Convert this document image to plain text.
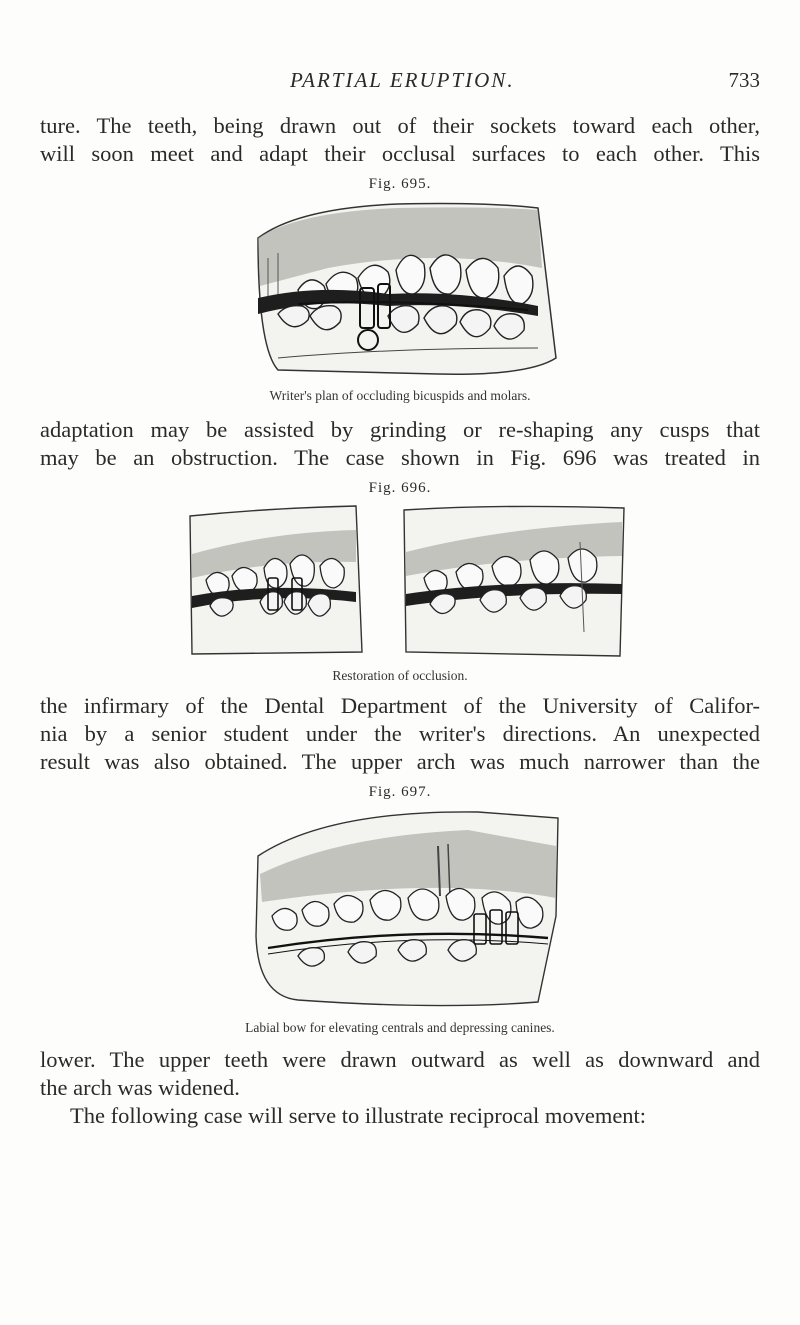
PARTIAL ERUPTION.	733

ture. The teeth, being drawn out of their sockets toward each other,
will soon meet and adapt their occlusal surfaces to each other. This

Fig. 695.
Writer's plan of occluding bicuspids and molars.

adaptation may be assisted by grinding or re-shaping any cusps that
may be an obstruction. The case shown in Fig. 696 was treated in

Fig. 696.
Restoration of occlusion.

the infirmary of the Dental Department of the University of Califor-
nia by a senior student under the writer's directions. An unexpected
result was also obtained. The upper arch was much narrower than the

Fig. 697.
Labial bow for elevating centrals and depressing canines.

lower. The upper teeth were drawn outward as well as downward and
the arch was widened.
The following case will serve to illustrate reciprocal movement:
